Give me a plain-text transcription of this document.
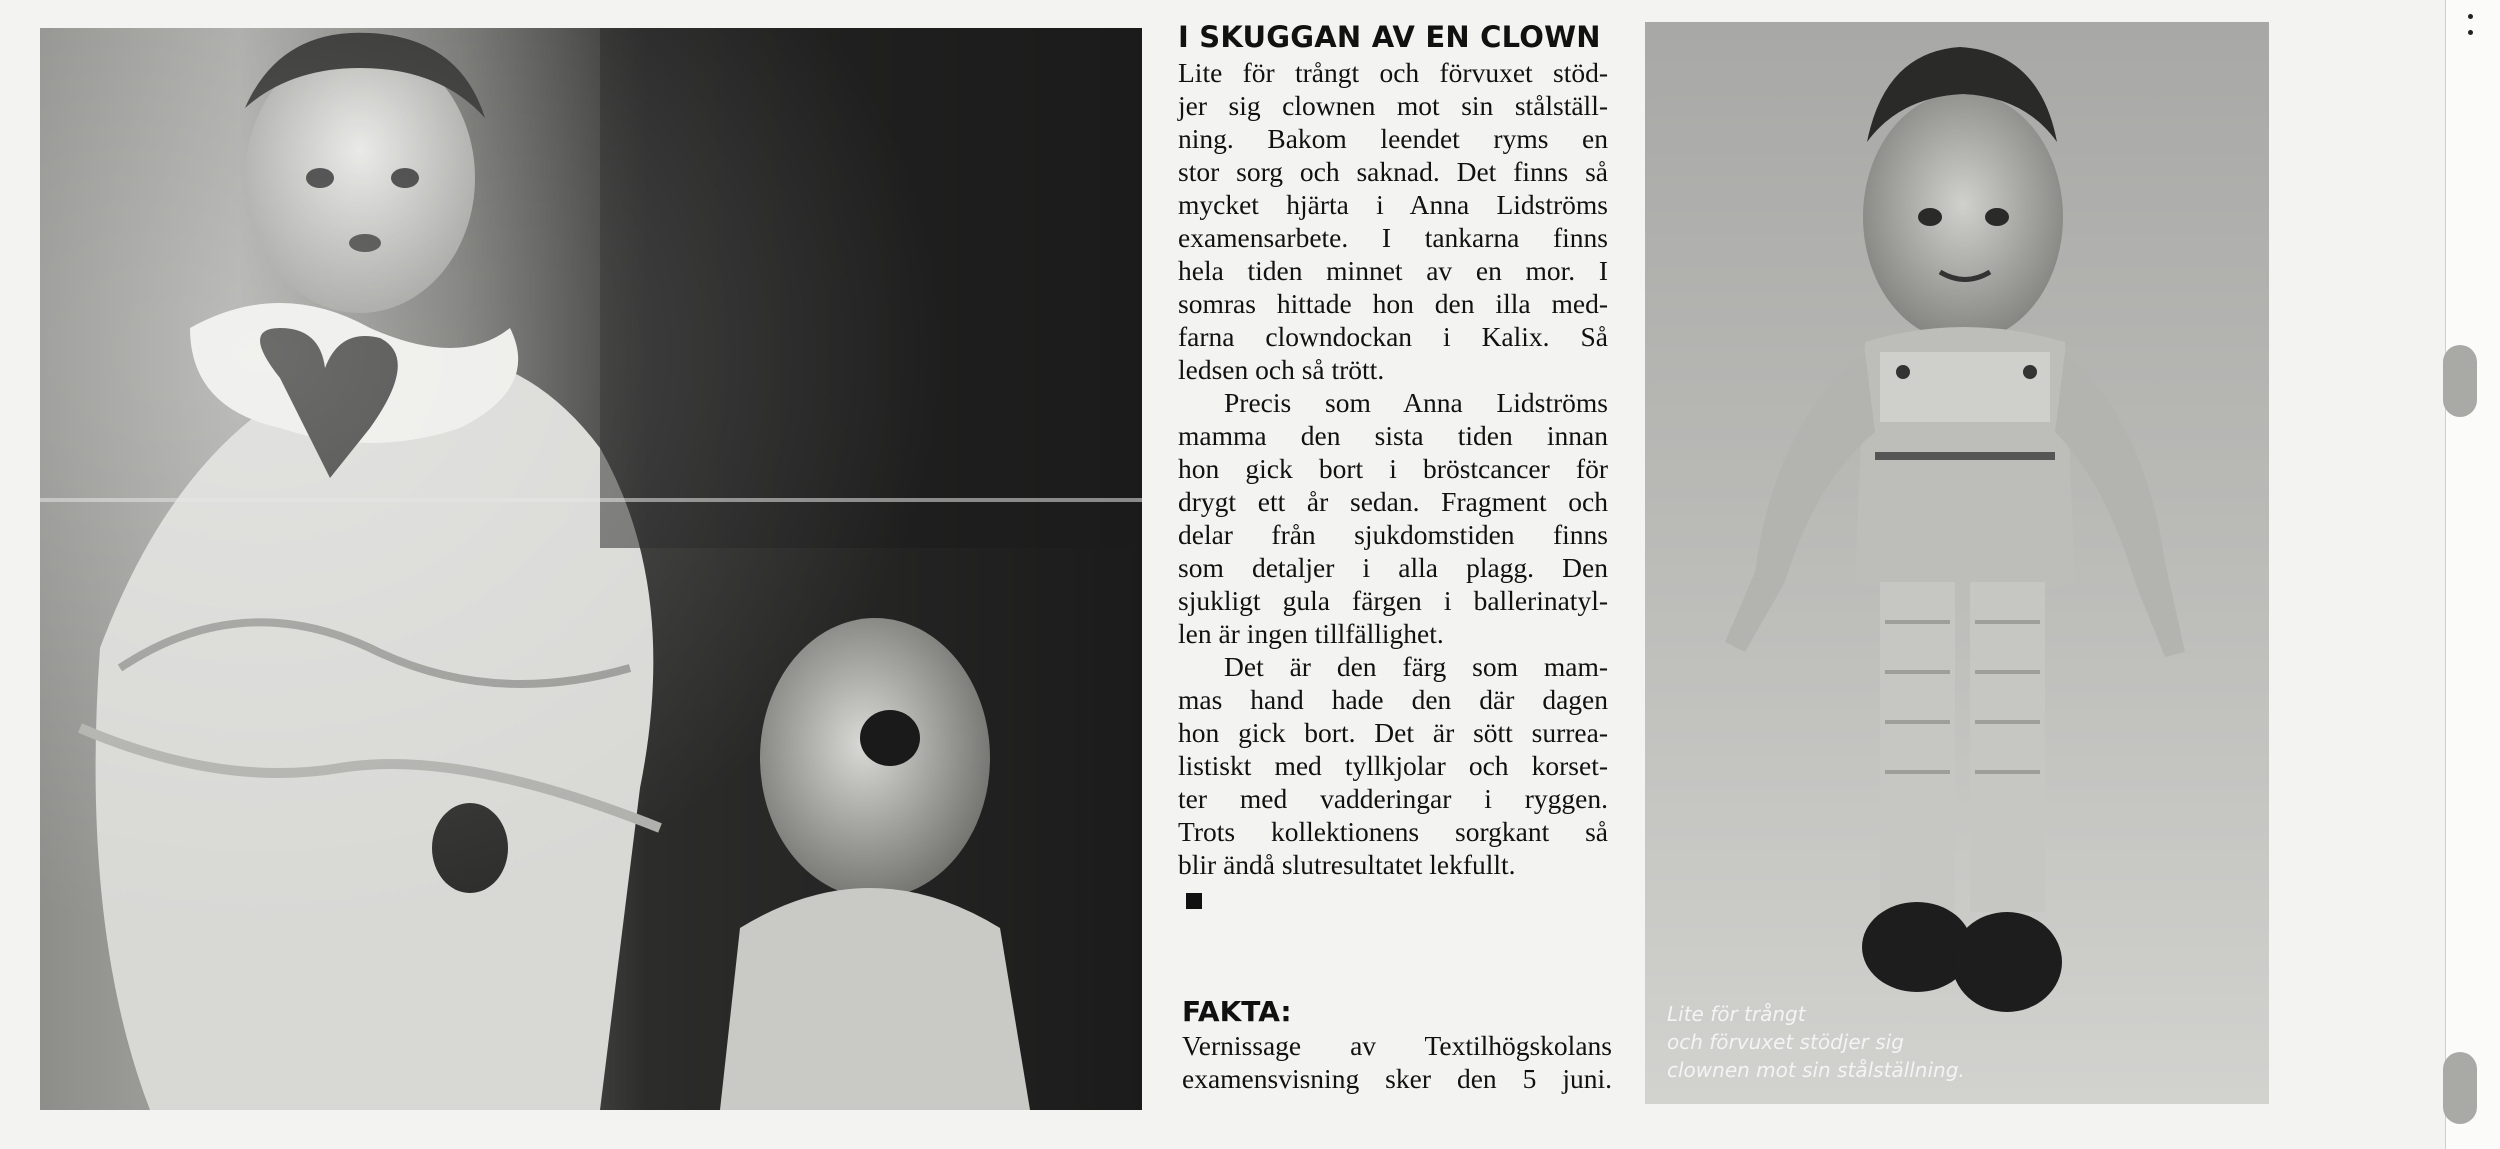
I SKUGGAN AV EN CLOWN
Lite för trångt och förvuxet stöd-
jer sig clownen mot sin stålställ-
ning. Bakom leendet ryms en
stor sorg och saknad. Det finns så
mycket hjärta i Anna Lidströms
examensarbete. I tankarna finns
hela tiden minnet av en mor. I
somras hittade hon den illa med-
farna clowndockan i Kalix. Så
ledsen och så trött.
Precis som Anna Lidströms
mamma den sista tiden innan
hon gick bort i bröstcancer för
drygt ett år sedan. Fragment och
delar från sjukdomstiden finns
som detaljer i alla plagg. Den
sjukligt gula färgen i ballerinatyl-
len är ingen tillfällighet.
Det är den färg som mam-
mas hand hade den där dagen
hon gick bort. Det är sött surrea-
listiskt med tyllkjolar och korset-
ter med vadderingar i ryggen.
Trots kollektionens sorgkant så
blir ändå slutresultatet lekfullt.
FAKTA:
Vernissage av Textilhögskolans
examensvisning sker den 5 juni.
Lite för trångt
och förvuxet stödjer sig
clownen mot sin stålställning.
